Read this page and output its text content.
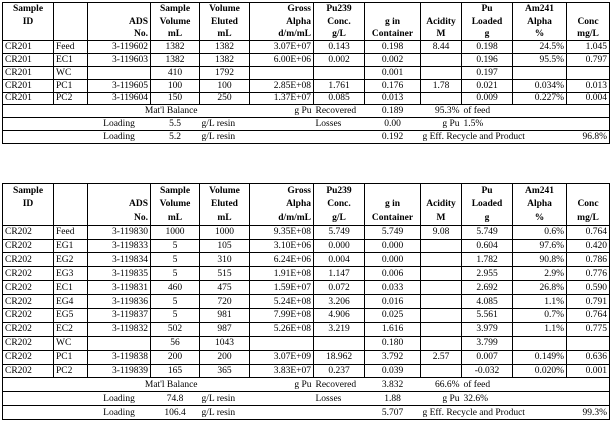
Sample			Sample	Volume	Gross	Pu239			Pu	Am241	
ID		ADS	Volume	Eluted	Alpha	Conc.	g in	Acidity	Loaded	Alpha	Conc
		No.	mL	mL	d/m/mL	g/L	Container	M	g	%	mg/L
CR201	Feed	3-119602	1382	1382	3.07E+07	0.143	0.198	8.44	0.198	24.5%	1.045
CR201	EC1	3-119603	1382	1382	6.00E+06	0.002	0.002		0.196	95.5%	0.797
CR201	WC		410	1792			0.001		0.197		
CR201	PC1	3-119605	100	100	2.85E+08	1.761	0.176	1.78	0.021	0.034%	0.013
CR201	PC2	3-119604	150	250	1.37E+07	0.085	0.013		0.009	0.227%	0.004
	Mat'l Balance				g Pu	Recovered	0.189	95.3%	of feed		
		Loading	5.5	g/L resin		Losses	0.00	g Pu	1.5%		
		Loading	5.2	g/L resin			0.192	g Eff. Recycle and Product			96.8%
Sample			Sample	Volume	Gross	Pu239			Pu	Am241	
ID		ADS	Volume	Eluted	Alpha	Conc.	g in	Acidity	Loaded	Alpha	Conc
		No.	mL	mL	d/m/mL	g/L	Container	M	g	%	mg/L
CR202	Feed	3-119830	1000	1000	9.35E+08	5.749	5.749	9.08	5.749	0.6%	0.764
CR202	EG1	3-119833	5	105	3.10E+06	0.000	0.000		0.604	97.6%	0.420
CR202	EG2	3-119834	5	310	6.24E+06	0.004	0.000		1.782	90.8%	0.786
CR202	EG3	3-119835	5	515	1.91E+08	1.147	0.006		2.955	2.9%	0.776
CR202	EC1	3-119831	460	475	1.59E+07	0.072	0.033		2.692	26.8%	0.590
CR202	EG4	3-119836	5	720	5.24E+08	3.206	0.016		4.085	1.1%	0.791
CR202	EG5	3-119837	5	981	7.99E+08	4.906	0.025		5.561	0.7%	0.764
CR202	EC2	3-119832	502	987	5.26E+08	3.219	1.616		3.979	1.1%	0.775
CR202	WC		56	1043			0.180		3.799		
CR202	PC1	3-119838	200	200	3.07E+09	18.962	3.792	2.57	0.007	0.149%	0.636
CR202	PC2	3-119839	165	365	3.83E+07	0.237	0.039		-0.032	0.020%	0.001
	Mat'l Balance				g Pu	Recovered	3.832	66.6%	of feed		
		Loading	74.8	g/L resin		Losses	1.88	g Pu	32.6%		
		Loading	106.4	g/L resin			5.707	g Eff. Recycle and Product			99.3%
